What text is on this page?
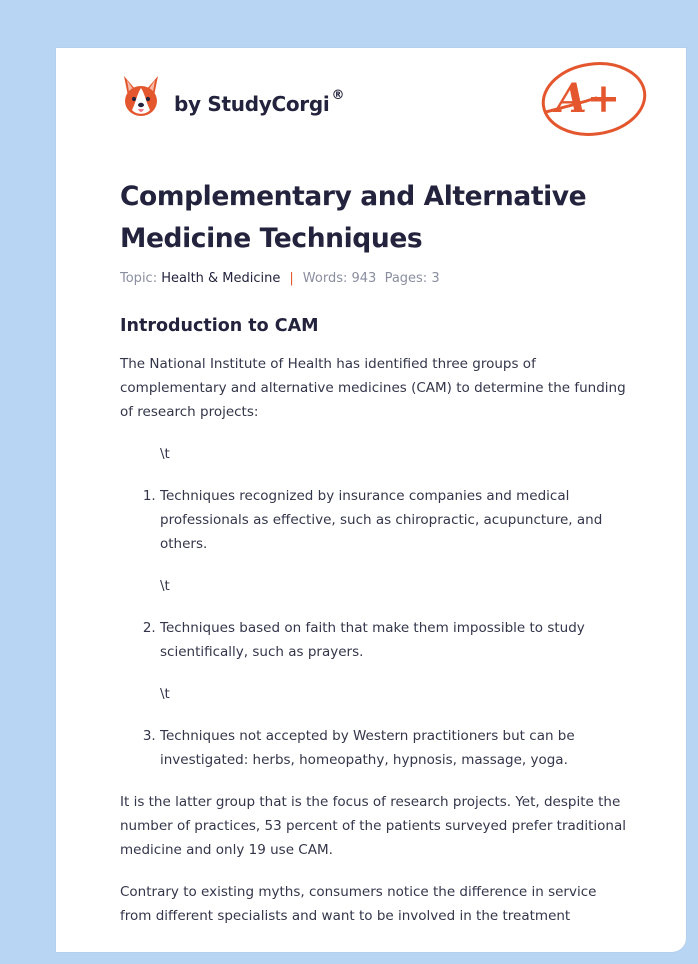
by StudyCorgi ®	A+
Complementary and Alternative Medicine Techniques
Topic: Health & Medicine | Words: 943 Pages: 3
Introduction to CAM

The National Institute of Health has identified three groups of complementary and alternative medicines (CAM) to determine the funding of research projects:

\t
1. Techniques recognized by insurance companies and medical professionals as effective, such as chiropractic, acupuncture, and others.
\t
2. Techniques based on faith that make them impossible to study scientifically, such as prayers.
\t
3. Techniques not accepted by Western practitioners but can be investigated: herbs, homeopathy, hypnosis, massage, yoga.

It is the latter group that is the focus of research projects. Yet, despite the number of practices, 53 percent of the patients surveyed prefer traditional medicine and only 19 use CAM.

Contrary to existing myths, consumers notice the difference in service from different specialists and want to be involved in the treatment
